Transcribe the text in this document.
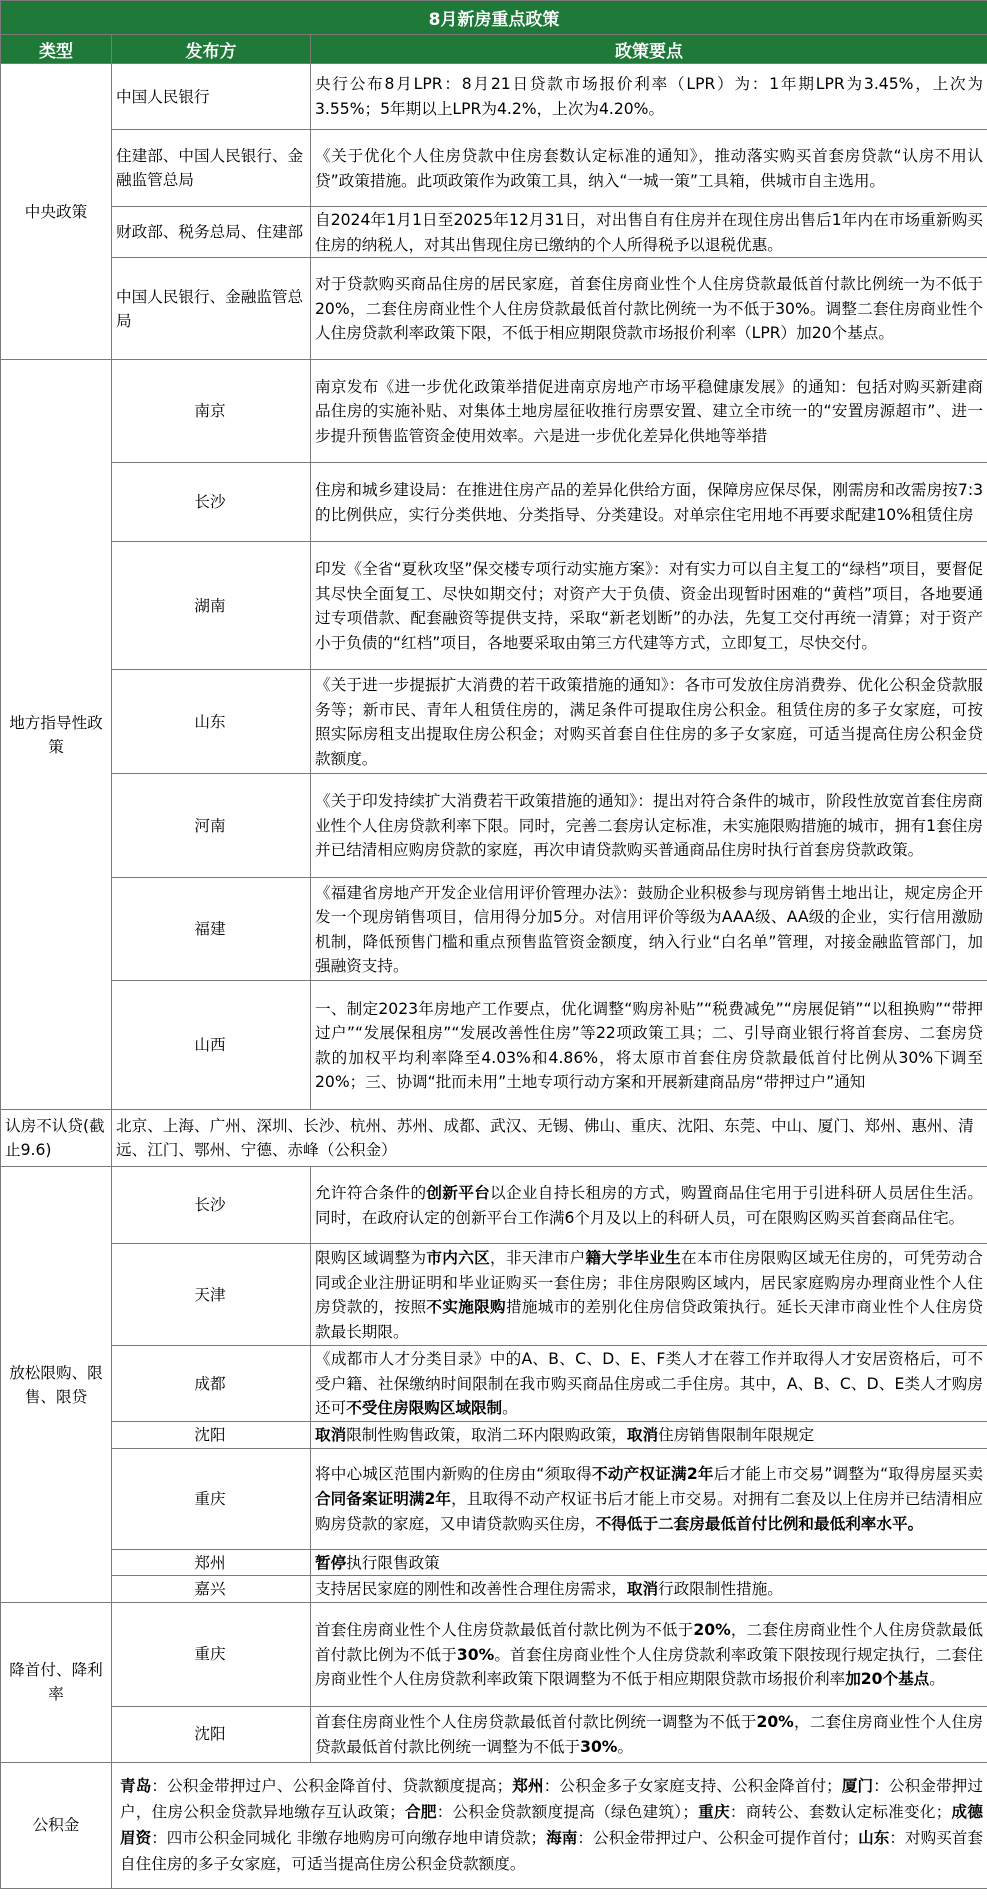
8月新房重点政策		
类型	发布方	政策要点
中央政策	中国人民银行	央行公布8月LPR：8月21日贷款市场报价利率（LPR）为：1年期LPR为3.45%，上次为3.55%；5年期以上LPR为4.2%，上次为4.20%。
	住建部、中国人民银行、金融监管总局	《关于优化个人住房贷款中住房套数认定标准的通知》，推动落实购买首套房贷款“认房不用认贷”政策措施。此项政策作为政策工具，纳入“一城一策”工具箱，供城市自主选用。
	财政部、税务总局、住建部	自2024年1月1日至2025年12月31日，对出售自有住房并在现住房出售后1年内在市场重新购买住房的纳税人，对其出售现住房已缴纳的个人所得税予以退税优惠。
	中国人民银行、金融监管总局	对于贷款购买商品住房的居民家庭，首套住房商业性个人住房贷款最低首付款比例统一为不低于20%，二套住房商业性个人住房贷款最低首付款比例统一为不低于30%。调整二套住房商业性个人住房贷款利率政策下限，不低于相应期限贷款市场报价利率（LPR）加20个基点。
地方指导性政策	南京	南京发布《进一步优化政策举措促进南京房地产市场平稳健康发展》的通知：包括对购买新建商品住房的实施补贴、对集体土地房屋征收推行房票安置、建立全市统一的“安置房源超市”、进一步提升预售监管资金使用效率。六是进一步优化差异化供地等举措
	长沙	住房和城乡建设局：在推进住房产品的差异化供给方面，保障房应保尽保，刚需房和改需房按7:3的比例供应，实行分类供地、分类指导、分类建设。对单宗住宅用地不再要求配建10%租赁住房
	湖南	印发《全省“夏秋攻坚”保交楼专项行动实施方案》：对有实力可以自主复工的“绿档”项目，要督促其尽快全面复工、尽快如期交付；对资产大于负债、资金出现暂时困难的“黄档”项目，各地要通过专项借款、配套融资等提供支持，采取“新老划断”的办法，先复工交付再统一清算；对于资产小于负债的“红档”项目，各地要采取由第三方代建等方式，立即复工，尽快交付。
	山东	《关于进一步提振扩大消费的若干政策措施的通知》：各市可发放住房消费券、优化公积金贷款服务等；新市民、青年人租赁住房的，满足条件可提取住房公积金。租赁住房的多子女家庭，可按照实际房租支出提取住房公积金；对购买首套自住住房的多子女家庭，可适当提高住房公积金贷款额度。
	河南	《关于印发持续扩大消费若干政策措施的通知》：提出对符合条件的城市，阶段性放宽首套住房商业性个人住房贷款利率下限。同时，完善二套房认定标准，未实施限购措施的城市，拥有1套住房并已结清相应购房贷款的家庭，再次申请贷款购买普通商品住房时执行首套房贷款政策。
	福建	《福建省房地产开发企业信用评价管理办法》：鼓励企业积极参与现房销售土地出让，规定房企开发一个现房销售项目，信用得分加5分。对信用评价等级为AAA级、AA级的企业，实行信用激励机制，降低预售门槛和重点预售监管资金额度，纳入行业“白名单”管理，对接金融监管部门，加强融资支持。
	山西	一、制定2023年房地产工作要点，优化调整“购房补贴”“税费减免”“房展促销”“以租换购”“带押过户”“发展保租房”“发展改善性住房”等22项政策工具；二、引导商业银行将首套房、二套房贷款的加权平均利率降至4.03%和4.86%，将太原市首套住房贷款最低首付比例从30%下调至20%；三、协调“批而未用”土地专项行动方案和开展新建商品房“带押过户”通知
认房不认贷(截止9.6)	北京、上海、广州、深圳、长沙、杭州、苏州、成都、武汉、无锡、佛山、重庆、沈阳、东莞、中山、厦门、郑州、惠州、清远、江门、鄂州、宁德、赤峰（公积金）	
放松限购、限售、限贷	长沙	允许符合条件的创新平台以企业自持长租房的方式，购置商品住宅用于引进科研人员居住生活。同时，在政府认定的创新平台工作满6个月及以上的科研人员，可在限购区购买首套商品住宅。
	天津	限购区域调整为市内六区，非天津市户籍大学毕业生在本市住房限购区域无住房的，可凭劳动合同或企业注册证明和毕业证购买一套住房；非住房限购区域内，居民家庭购房办理商业性个人住房贷款的，按照不实施限购措施城市的差别化住房信贷政策执行。延长天津市商业性个人住房贷款最长期限。
	成都	《成都市人才分类目录》中的A、B、C、D、E、F类人才在蓉工作并取得人才安居资格后，可不受户籍、社保缴纳时间限制在我市购买商品住房或二手住房。其中，A、B、C、D、E类人才购房还可不受住房限购区域限制。
	沈阳	取消限制性购售政策，取消二环内限购政策，取消住房销售限制年限规定
	重庆	将中心城区范围内新购的住房由“须取得不动产权证满2年后才能上市交易”调整为“取得房屋买卖合同备案证明满2年，且取得不动产权证书后才能上市交易。对拥有二套及以上住房并已结清相应购房贷款的家庭，又申请贷款购买住房，不得低于二套房最低首付比例和最低利率水平。
	郑州	暂停执行限售政策
	嘉兴	支持居民家庭的刚性和改善性合理住房需求，取消行政限制性措施。
降首付、降利率	重庆	首套住房商业性个人住房贷款最低首付款比例为不低于20%，二套住房商业性个人住房贷款最低首付款比例为不低于30%。首套住房商业性个人住房贷款利率政策下限按现行规定执行，二套住房商业性个人住房贷款利率政策下限调整为不低于相应期限贷款市场报价利率加20个基点。
	沈阳	首套住房商业性个人住房贷款最低首付款比例统一调整为不低于20%，二套住房商业性个人住房贷款最低首付款比例统一调整为不低于30%。
公积金	青岛：公积金带押过户、公积金降首付、贷款额度提高；郑州：公积金多子女家庭支持、公积金降首付；厦门：公积金带押过户，住房公积金贷款异地缴存互认政策；合肥：公积金贷款额度提高（绿色建筑）；重庆：商转公、套数认定标准变化；成德眉资：四市公积金同城化 非缴存地购房可向缴存地申请贷款；海南：公积金带押过户、公积金可提作首付；山东：对购买首套自住住房的多子女家庭，可适当提高住房公积金贷款额度。	
